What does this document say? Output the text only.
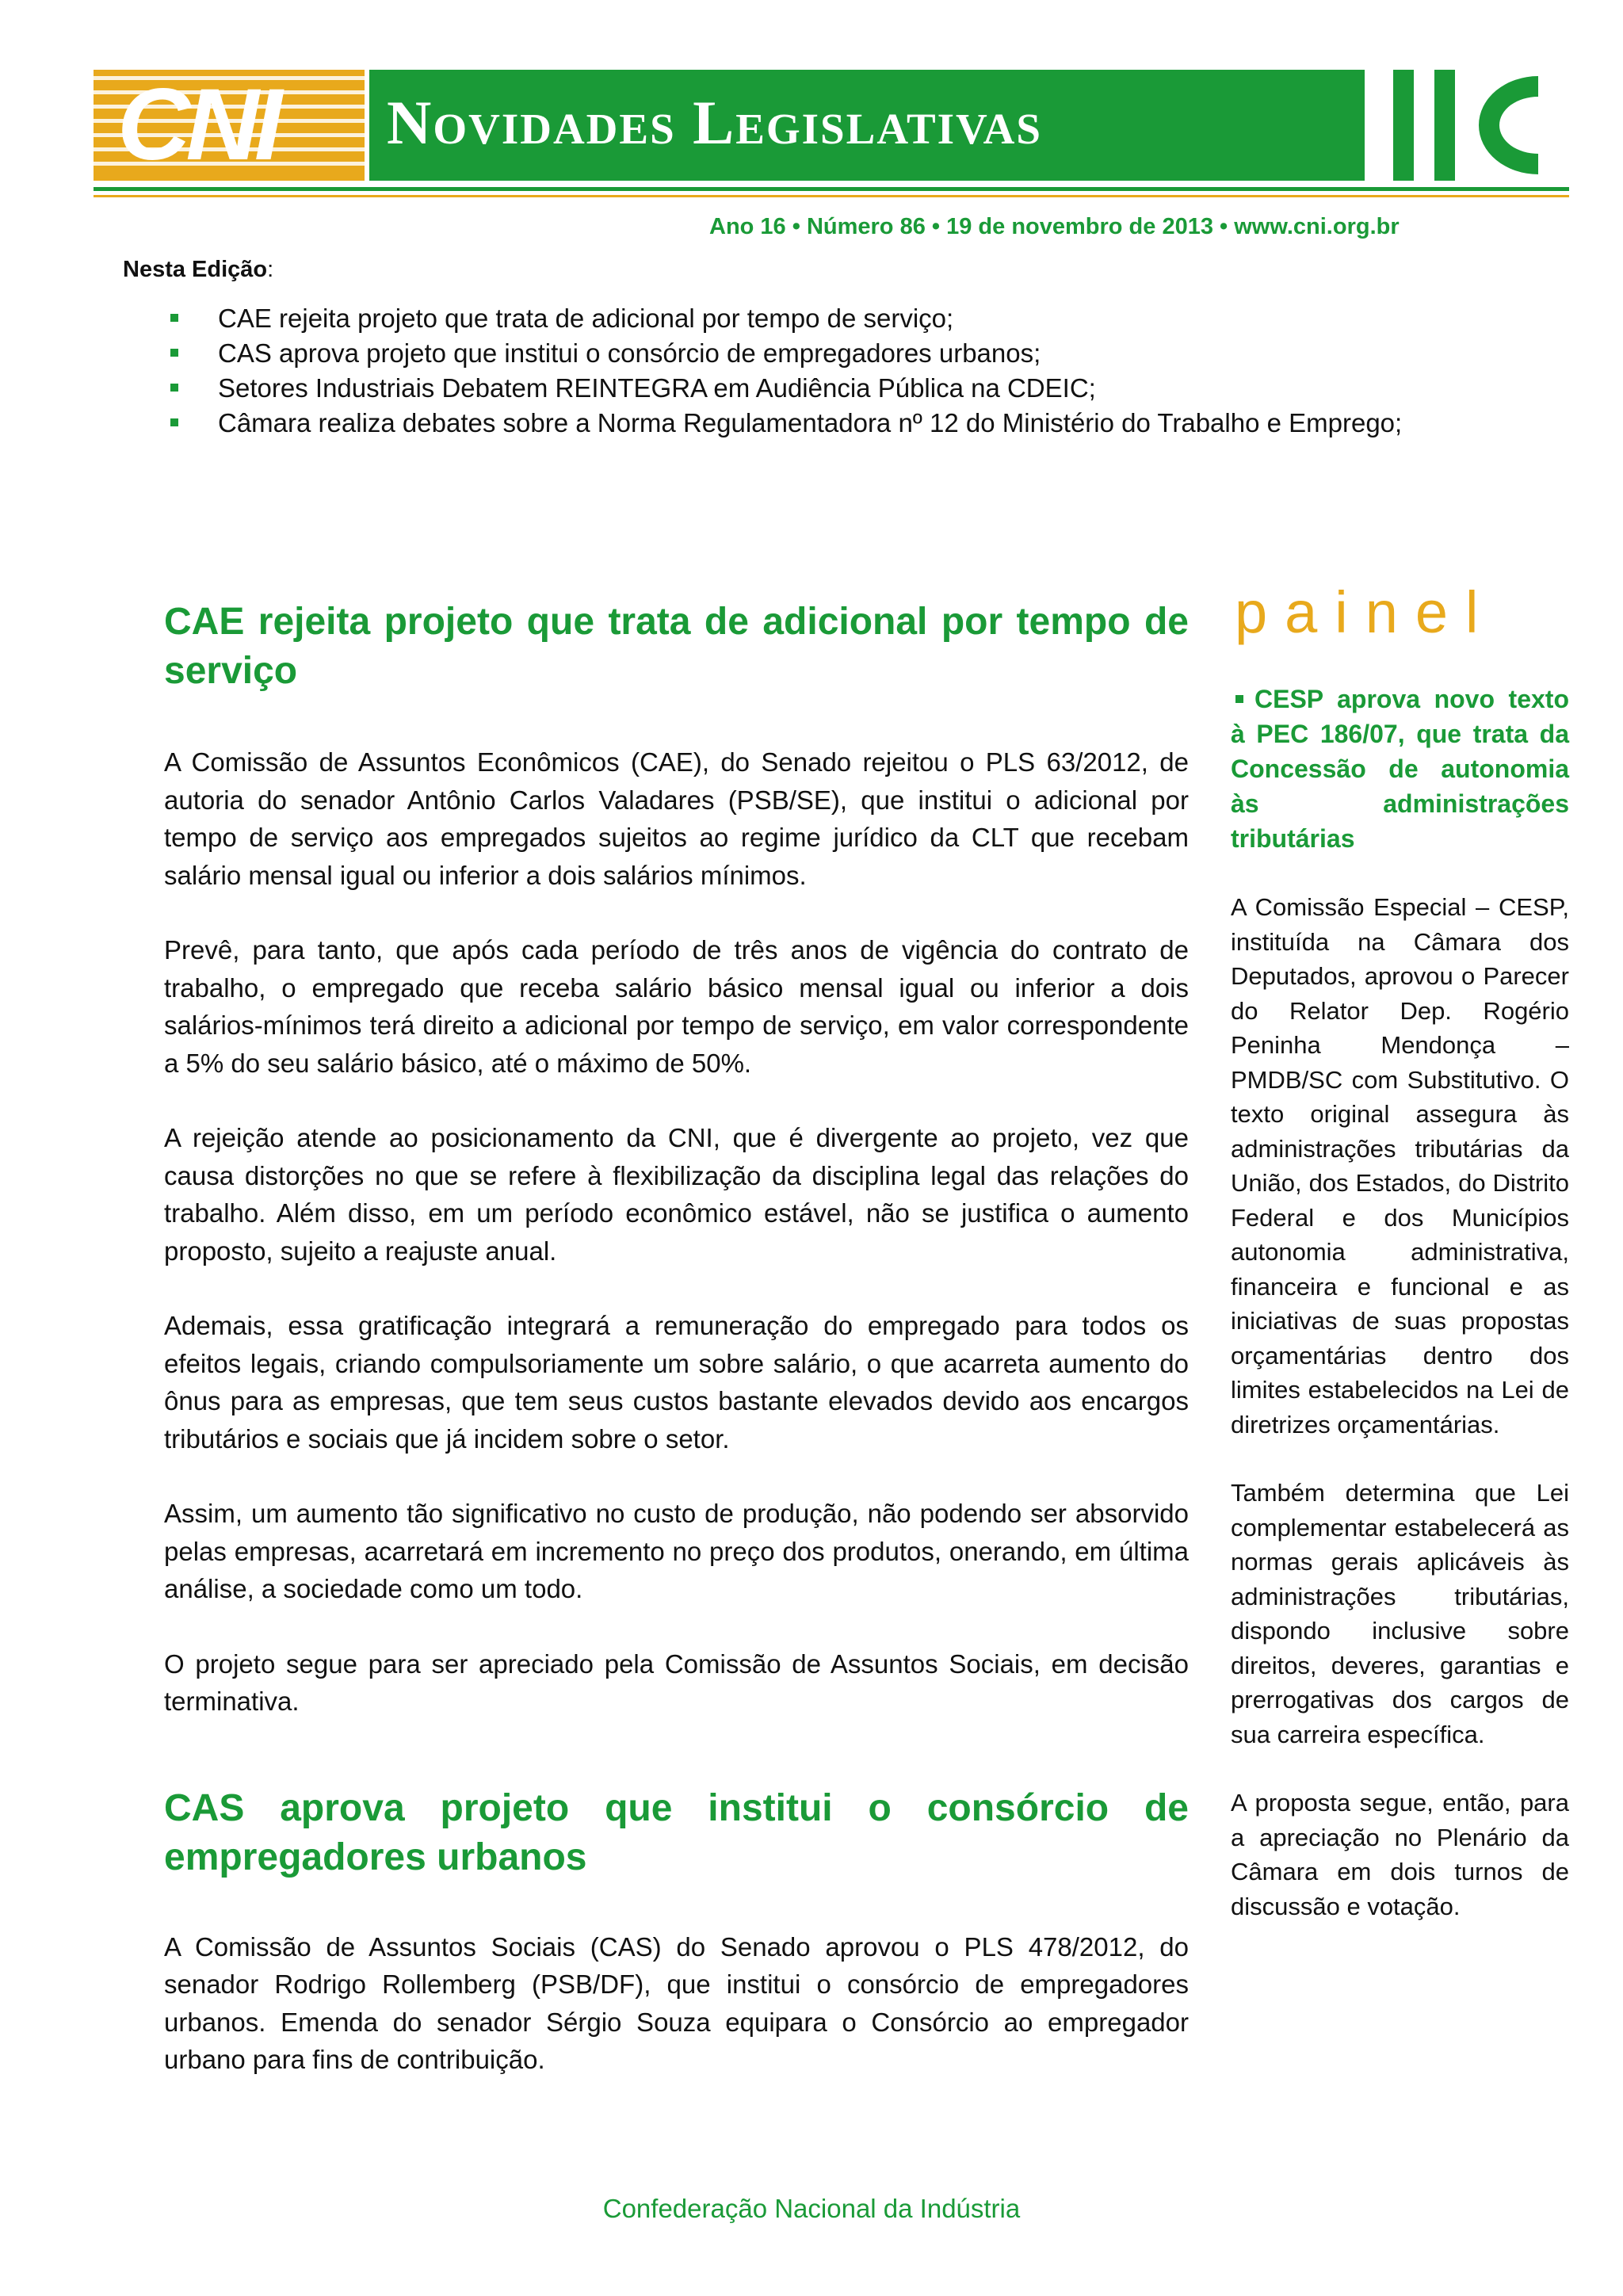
CNI Novidades Legislativas
Ano 16 • Número 86 • 19 de novembro de 2013 • www.cni.org.br
Nesta Edição:
CAE rejeita projeto que trata de adicional por tempo de serviço;
CAS aprova projeto que institui o consórcio de empregadores urbanos;
Setores Industriais Debatem REINTEGRA em Audiência Pública na CDEIC;
Câmara realiza debates sobre a Norma Regulamentadora nº 12 do Ministério do Trabalho e Emprego;
CAE rejeita projeto que trata de adicional por tempo de serviço

A Comissão de Assuntos Econômicos (CAE), do Senado rejeitou o PLS 63/2012, de autoria do senador Antônio Carlos Valadares (PSB/SE), que institui o adicional por tempo de serviço aos empregados sujeitos ao regime jurídico da CLT que recebam salário mensal igual ou inferior a dois salários mínimos.

Prevê, para tanto, que após cada período de três anos de vigência do contrato de trabalho, o empregado que receba salário básico mensal igual ou inferior a dois salários-mínimos terá direito a adicional por tempo de serviço, em valor correspondente a 5% do seu salário básico, até o máximo de 50%.

A rejeição atende ao posicionamento da CNI, que é divergente ao projeto, vez que causa distorções no que se refere à flexibilização da disciplina legal das relações do trabalho. Além disso, em um período econômico estável, não se justifica o aumento proposto, sujeito a reajuste anual.

Ademais, essa gratificação integrará a remuneração do empregado para todos os efeitos legais, criando compulsoriamente um sobre salário, o que acarreta aumento do ônus para as empresas, que tem seus custos bastante elevados devido aos encargos tributários e sociais que já incidem sobre o setor.

Assim, um aumento tão significativo no custo de produção, não podendo ser absorvido pelas empresas, acarretará em incremento no preço dos produtos, onerando, em última análise, a sociedade como um todo.

O projeto segue para ser apreciado pela Comissão de Assuntos Sociais, em decisão terminativa.

CAS aprova projeto que institui o consórcio de empregadores urbanos

A Comissão de Assuntos Sociais (CAS) do Senado aprovou o PLS 478/2012, do senador Rodrigo Rollemberg (PSB/DF), que institui o consórcio de empregadores urbanos. Emenda do senador Sérgio Souza equipara o Consórcio ao empregador urbano para fins de contribuição.

painel

CESP aprova novo texto à PEC 186/07, que trata da Concessão de autonomia às administrações tributárias

A Comissão Especial – CESP, instituída na Câmara dos Deputados, aprovou o Parecer do Relator Dep. Rogério Peninha Mendonça – PMDB/SC com Substitutivo. O texto original assegura às administrações tributárias da União, dos Estados, do Distrito Federal e dos Municípios autonomia administrativa, financeira e funcional e as iniciativas de suas propostas orçamentárias dentro dos limites estabelecidos na Lei de diretrizes orçamentárias.

Também determina que Lei complementar estabelecerá as normas gerais aplicáveis às administrações tributárias, dispondo inclusive sobre direitos, deveres, garantias e prerrogativas dos cargos de sua carreira específica.

A proposta segue, então, para a apreciação no Plenário da Câmara em dois turnos de discussão e votação.

Confederação Nacional da Indústria
